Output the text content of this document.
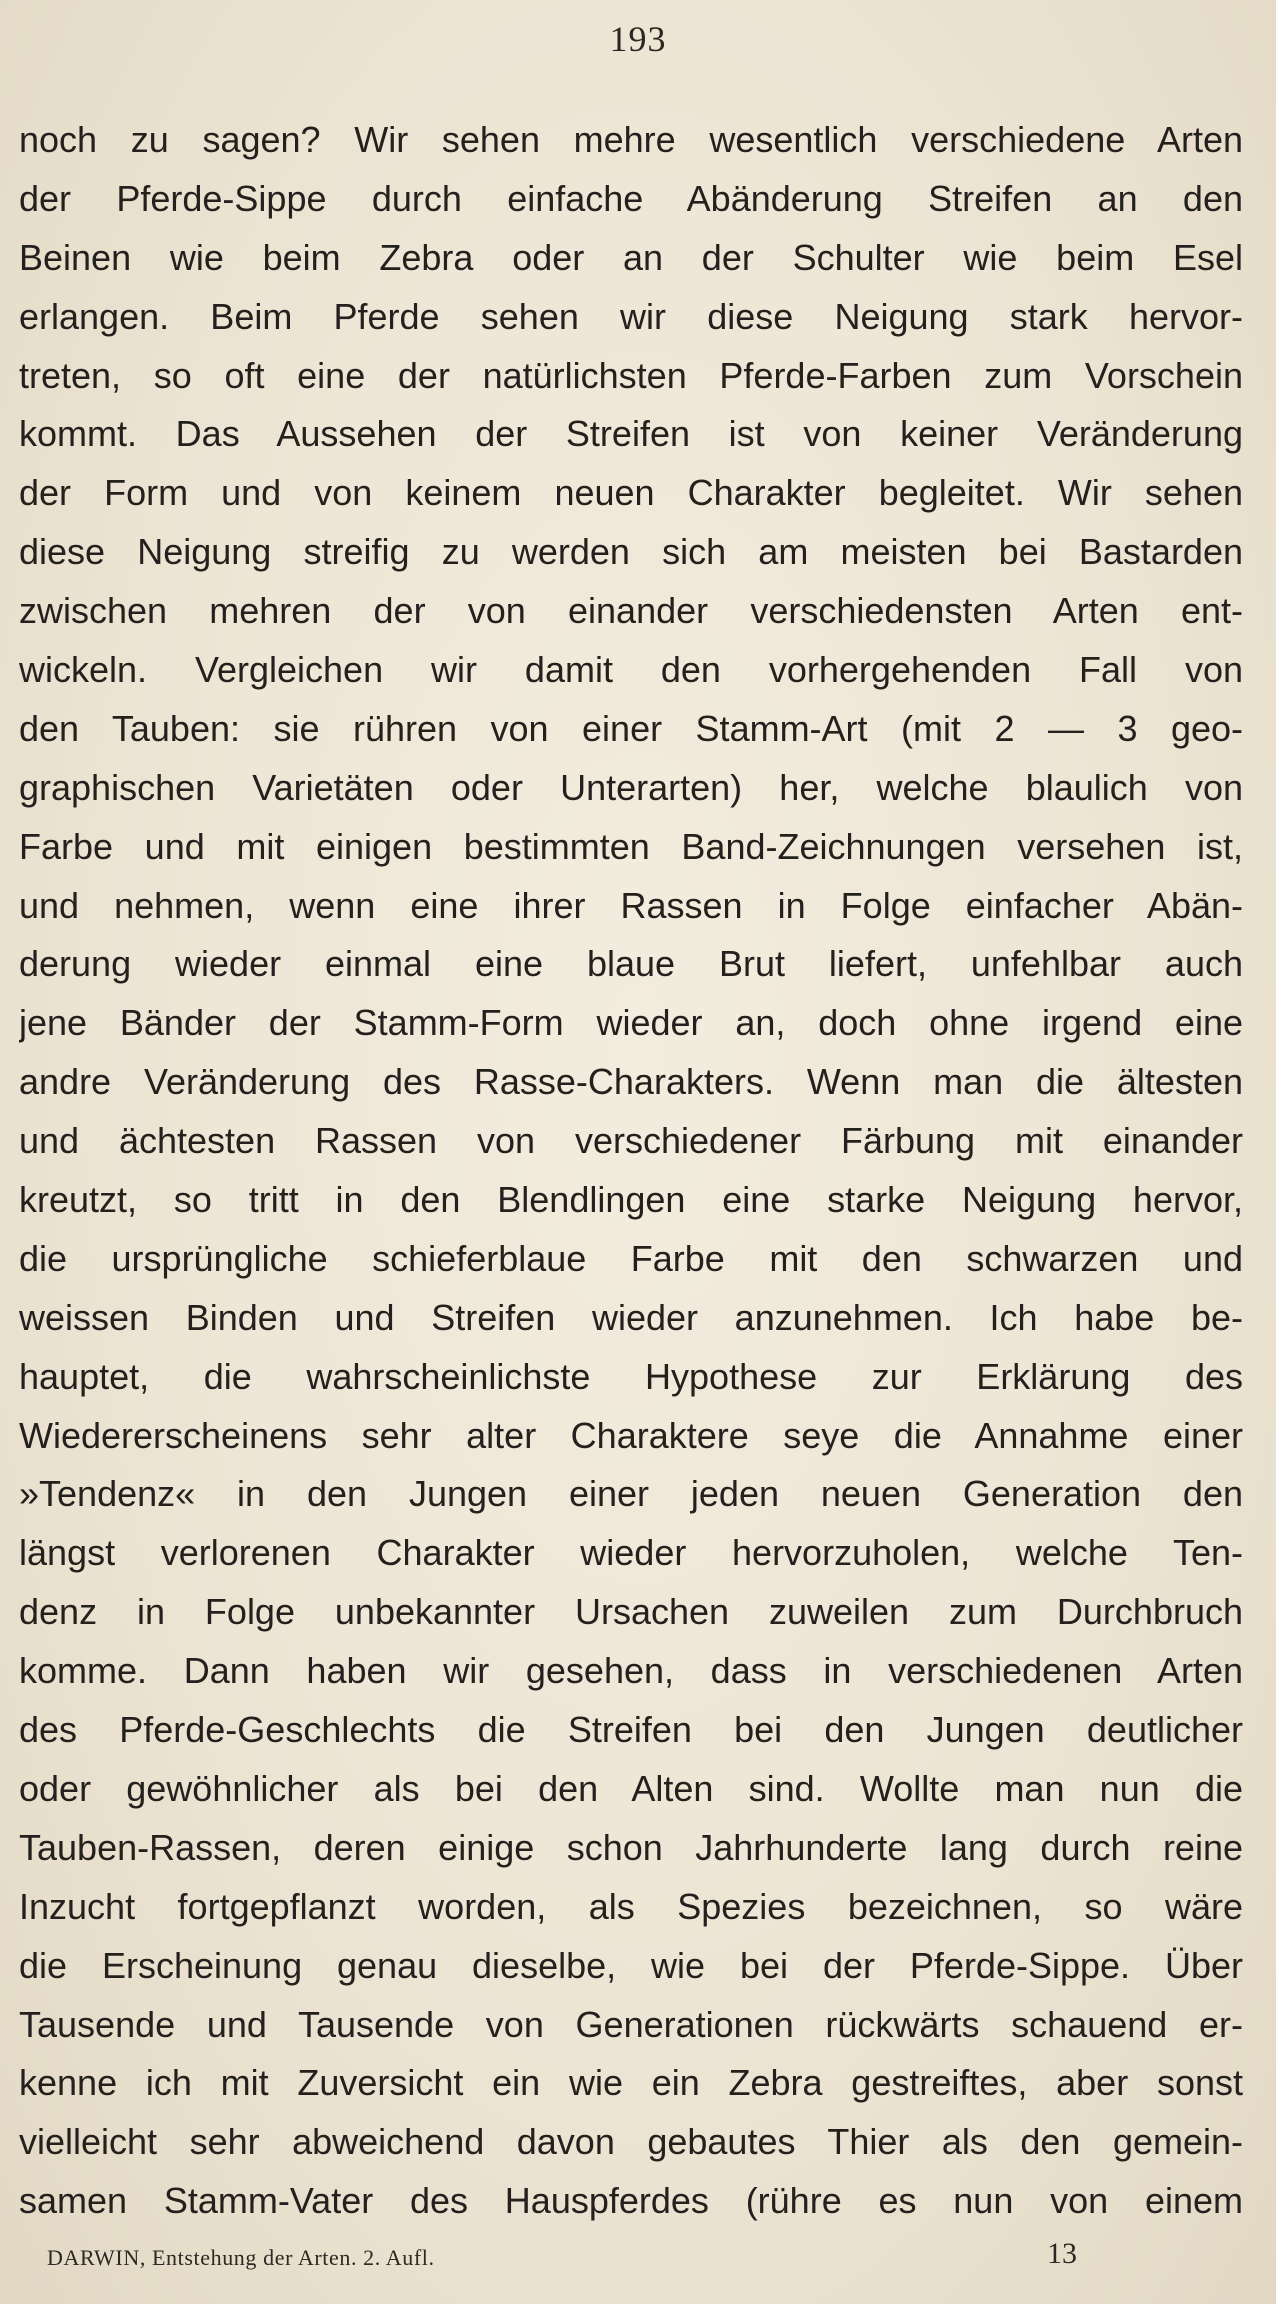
193
noch zu sagen? Wir sehen mehre wesentlich verschiedene Arten
der Pferde-Sippe durch einfache Abänderung Streifen an den
Beinen wie beim Zebra oder an der Schulter wie beim Esel
erlangen. Beim Pferde sehen wir diese Neigung stark hervor-
treten, so oft eine der natürlichsten Pferde-Farben zum Vorschein
kommt. Das Aussehen der Streifen ist von keiner Veränderung
der Form und von keinem neuen Charakter begleitet. Wir sehen
diese Neigung streifig zu werden sich am meisten bei Bastarden
zwischen mehren der von einander verschiedensten Arten ent-
wickeln. Vergleichen wir damit den vorhergehenden Fall von
den Tauben: sie rühren von einer Stamm-Art (mit 2 — 3 geo-
graphischen Varietäten oder Unterarten) her, welche blaulich von
Farbe und mit einigen bestimmten Band-Zeichnungen versehen ist,
und nehmen, wenn eine ihrer Rassen in Folge einfacher Abän-
derung wieder einmal eine blaue Brut liefert, unfehlbar auch
jene Bänder der Stamm-Form wieder an, doch ohne irgend eine
andre Veränderung des Rasse-Charakters. Wenn man die ältesten
und ächtesten Rassen von verschiedener Färbung mit einander
kreutzt, so tritt in den Blendlingen eine starke Neigung hervor,
die ursprüngliche schieferblaue Farbe mit den schwarzen und
weissen Binden und Streifen wieder anzunehmen. Ich habe be-
hauptet, die wahrscheinlichste Hypothese zur Erklärung des
Wiedererscheinens sehr alter Charaktere seye die Annahme einer
»Tendenz« in den Jungen einer jeden neuen Generation den
längst verlorenen Charakter wieder hervorzuholen, welche Ten-
denz in Folge unbekannter Ursachen zuweilen zum Durchbruch
komme. Dann haben wir gesehen, dass in verschiedenen Arten
des Pferde-Geschlechts die Streifen bei den Jungen deutlicher
oder gewöhnlicher als bei den Alten sind. Wollte man nun die
Tauben-Rassen, deren einige schon Jahrhunderte lang durch reine
Inzucht fortgepflanzt worden, als Spezies bezeichnen, so wäre
die Erscheinung genau dieselbe, wie bei der Pferde-Sippe. Über
Tausende und Tausende von Generationen rückwärts schauend er-
kenne ich mit Zuversicht ein wie ein Zebra gestreiftes, aber sonst
vielleicht sehr abweichend davon gebautes Thier als den gemein-
samen Stamm-Vater des Hauspferdes (rühre es nun von einem
DARWIN, Entstehung der Arten. 2. Aufl.	13
